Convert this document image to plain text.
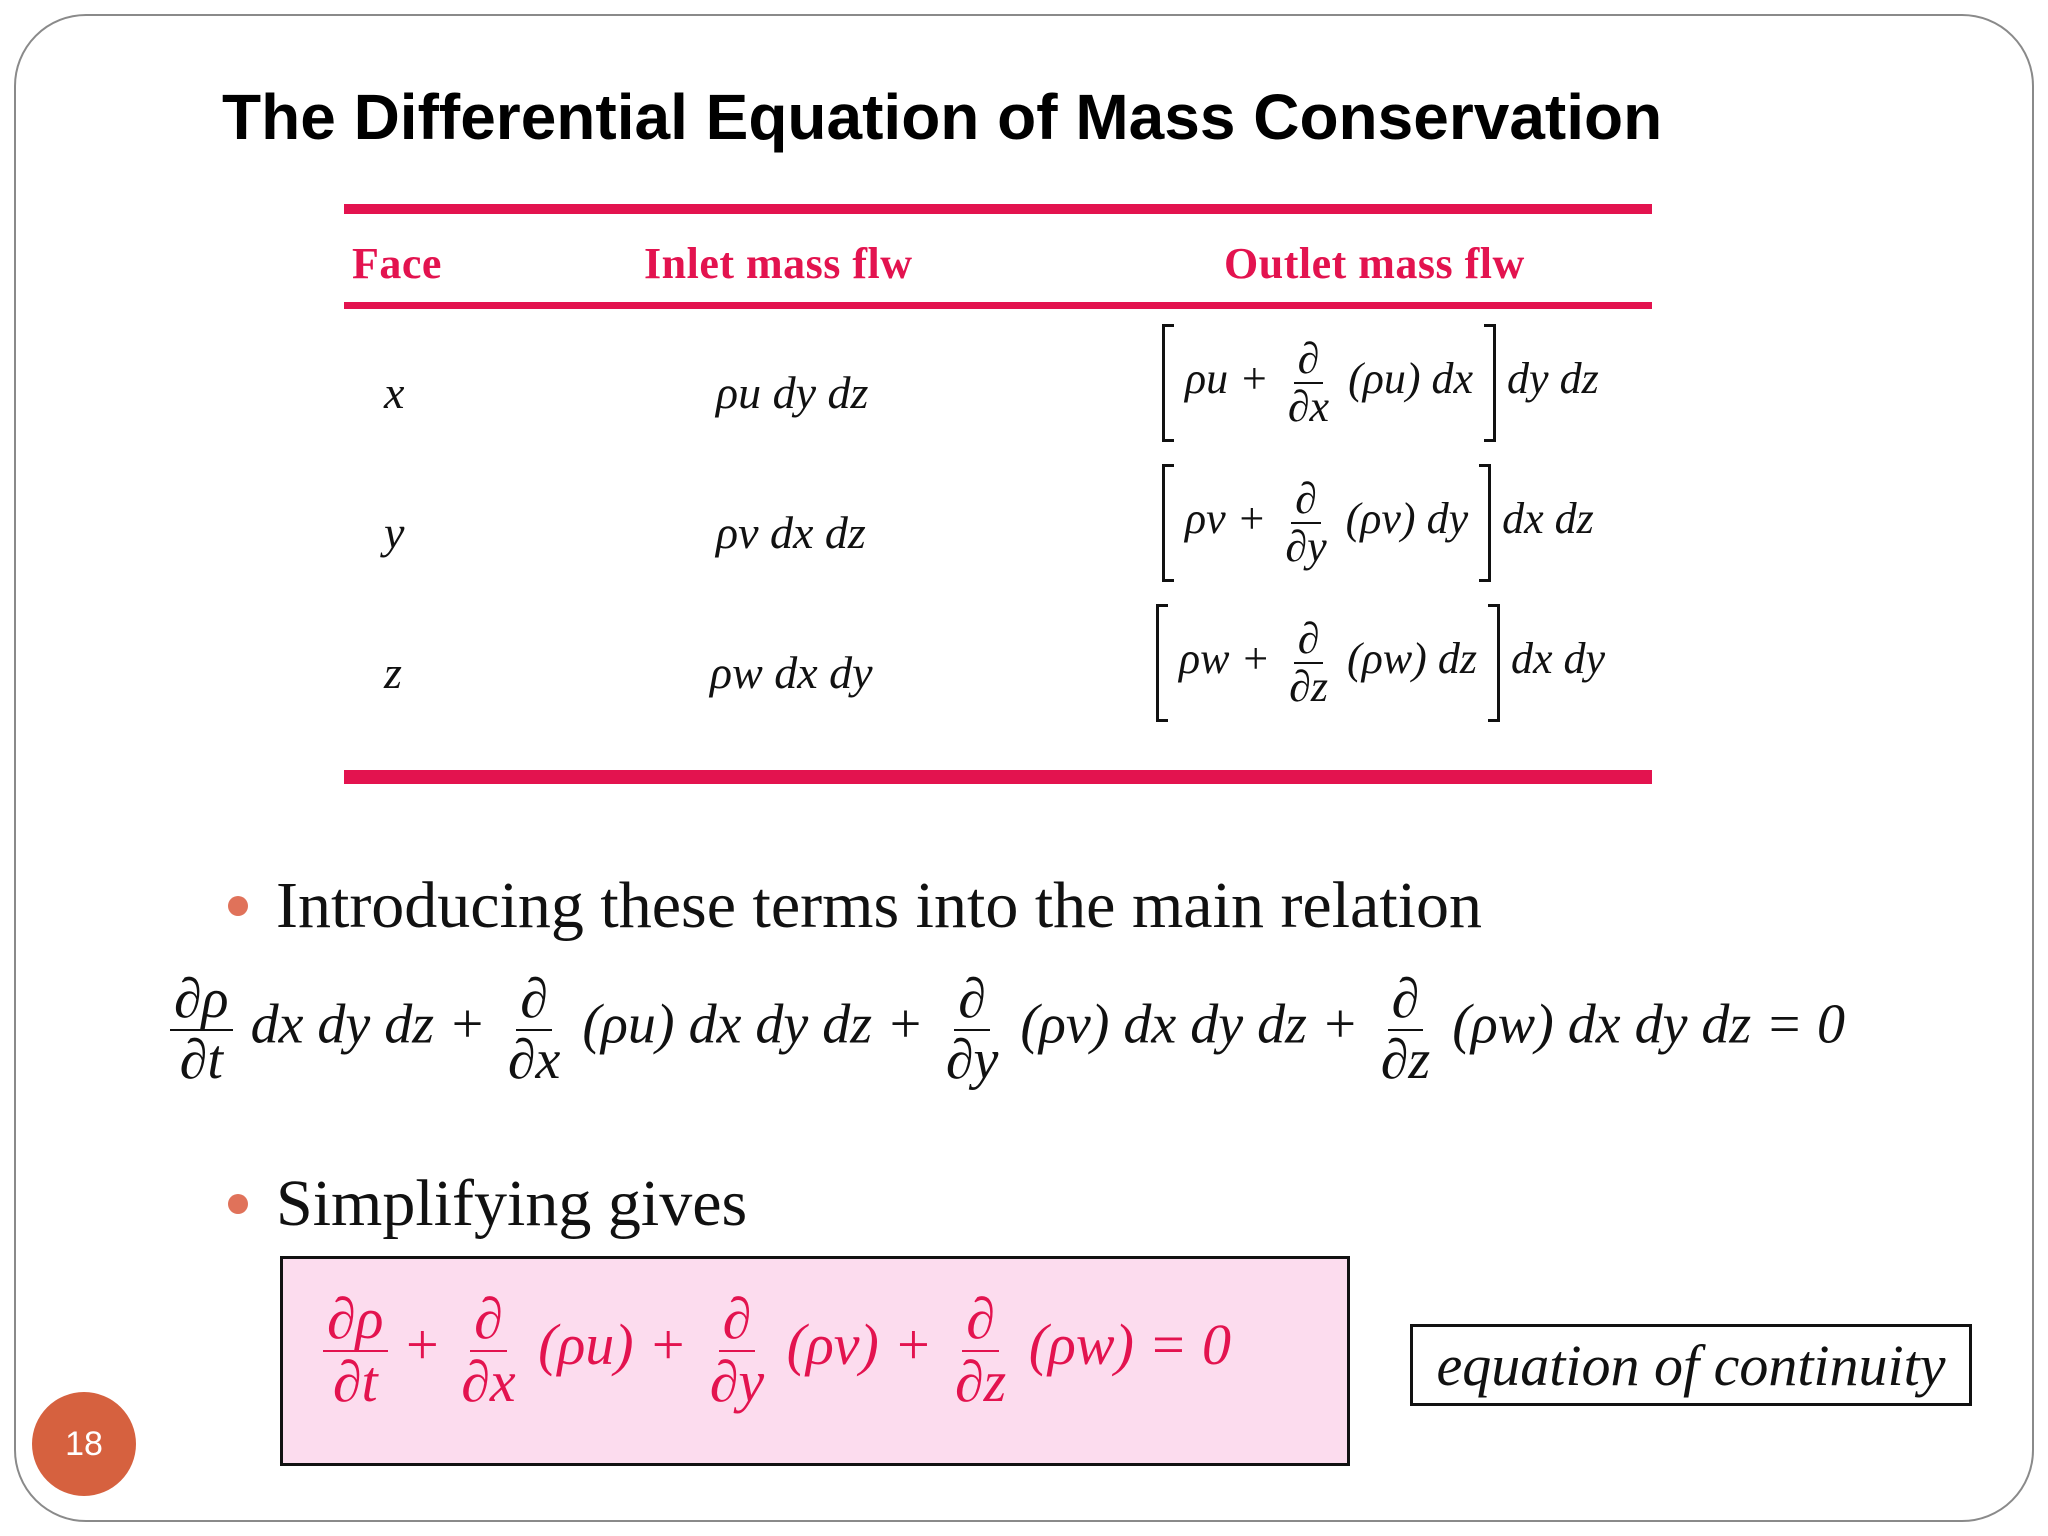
The Differential Equation of Mass Conservation
Face	Inlet mass flw	Outlet mass flw
x	ρu dy dz	$\rho u + \frac{\partial}{\partial x} (\rho u)$ dx dy dz
y	ρv dx dz	$\rho v + \frac{\partial}{\partial y} (\rho v)$ dy dx dz
z	ρw dx dy	$\rho w + \frac{\partial}{\partial z} (\rho w)$ dz dx dy
Introducing these terms into the main relation
$\frac{\partial\rho}{\partial t}$ dx dy dz + $\frac{\partial}{\partial x} (\rho u)$ dx dy dz + $\frac{\partial}{\partial y} (\rho v)$ dx dy dz + $\frac{\partial}{\partial z} (\rho w)$ dx dy dz = 0
Simplifying gives
$\frac{\partial\rho}{\partial t} + \frac{\partial}{\partial x} (\rho u) + \frac{\partial}{\partial y} (\rho v) + \frac{\partial}{\partial z} (\rho w) = 0$	equation of continuity
18
